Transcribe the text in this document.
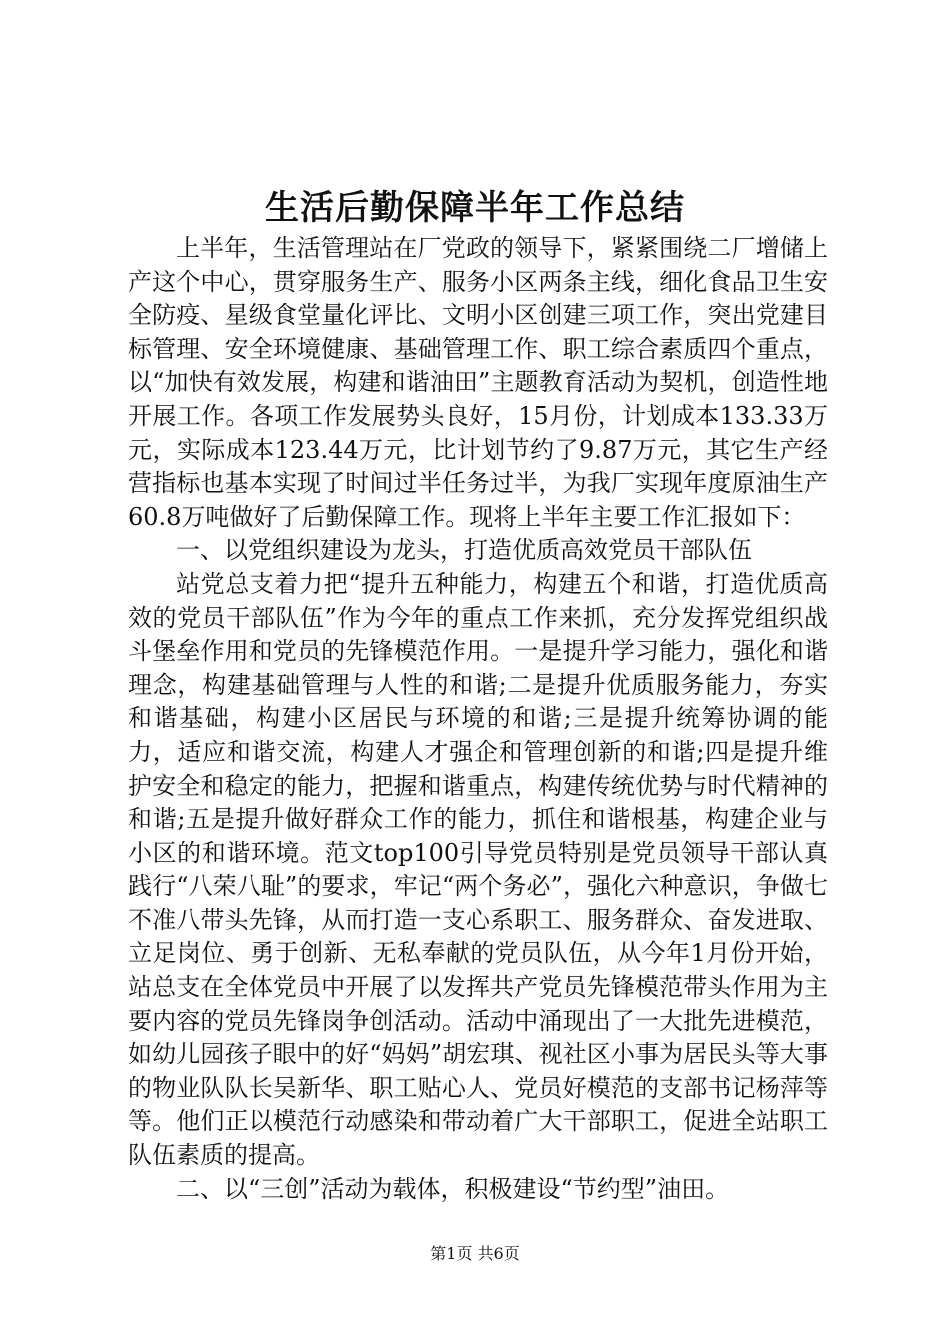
生活后勤保障半年工作总结

上半年，生活管理站在厂党政的领导下，紧紧围绕二厂增储上产这个中心，贯穿服务生产、服务小区两条主线，细化食品卫生安全防疫、星级食堂量化评比、文明小区创建三项工作，突出党建目标管理、安全环境健康、基础管理工作、职工综合素质四个重点，以“加快有效发展，构建和谐油田”主题教育活动为契机，创造性地开展工作。各项工作发展势头良好，15月份，计划成本133.33万元，实际成本123.44万元，比计划节约了9.87万元，其它生产经营指标也基本实现了时间过半任务过半，为我厂实现年度原油生产60.8万吨做好了后勤保障工作。现将上半年主要工作汇报如下：

一、以党组织建设为龙头，打造优质高效党员干部队伍

站党总支着力把“提升五种能力，构建五个和谐，打造优质高效的党员干部队伍”作为今年的重点工作来抓，充分发挥党组织战斗堡垒作用和党员的先锋模范作用。一是提升学习能力，强化和谐理念，构建基础管理与人性的和谐;二是提升优质服务能力，夯实和谐基础，构建小区居民与环境的和谐;三是提升统筹协调的能力，适应和谐交流，构建人才强企和管理创新的和谐;四是提升维护安全和稳定的能力，把握和谐重点，构建传统优势与时代精神的和谐;五是提升做好群众工作的能力，抓住和谐根基，构建企业与小区的和谐环境。范文top100引导党员特别是党员领导干部认真践行“八荣八耻”的要求，牢记“两个务必”，强化六种意识，争做七不准八带头先锋，从而打造一支心系职工、服务群众、奋发进取、立足岗位、勇于创新、无私奉献的党员队伍，从今年1月份开始，站总支在全体党员中开展了以发挥共产党员先锋模范带头作用为主要内容的党员先锋岗争创活动。活动中涌现出了一大批先进模范，如幼儿园孩子眼中的好“妈妈”胡宏琪、视社区小事为居民头等大事的物业队队长吴新华、职工贴心人、党员好模范的支部书记杨萍等等。他们正以模范行动感染和带动着广大干部职工，促进全站职工队伍素质的提高。

二、以“三创”活动为载体，积极建设“节约型”油田。

第1页 共6页
